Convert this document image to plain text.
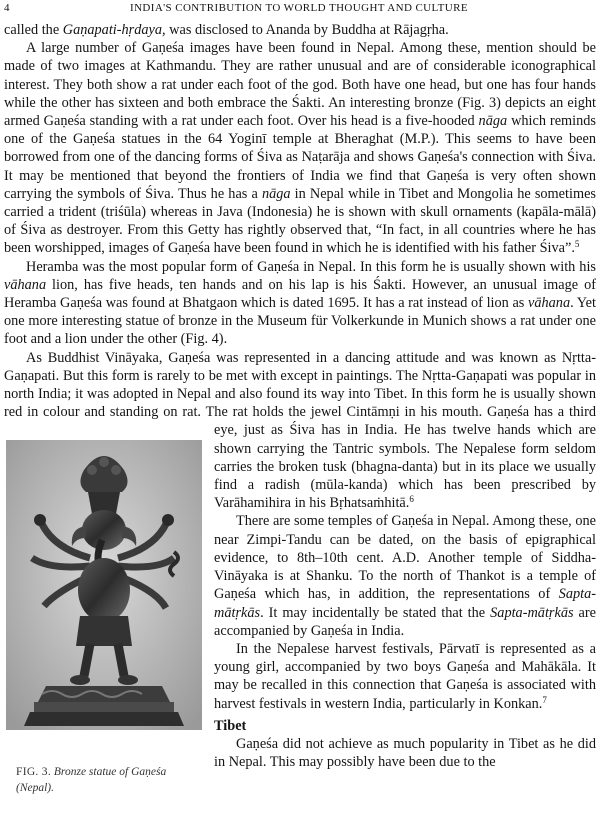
4	INDIA'S CONTRIBUTION TO WORLD THOUGHT AND CULTURE

called the Gaṇapati-hṛdaya, was disclosed to Ananda by Buddha at Rājagṛha.

A large number of Gaṇeśa images have been found in Nepal. Among these, mention should be made of two images at Kathmandu. They are rather unusual and are of considerable iconographical interest. They both show a rat under each foot of the god. Both have one head, but one has four hands while the other has sixteen and both embrace the Śakti. An interesting bronze (Fig. 3) depicts an eight armed Gaṇeśa standing with a rat under each foot. Over his head is a five-hooded nāga which reminds one of the Gaṇeśa statues in the 64 Yoginī temple at Bheraghat (M.P.). This seems to have been borrowed from one of the dancing forms of Śiva as Naṭarāja and shows Gaṇeśa's connection with Śiva. It may be mentioned that beyond the frontiers of India we find that Gaṇeśa is very often shown carrying the symbols of Śiva. Thus he has a nāga in Nepal while in Tibet and Mongolia he sometimes carried a trident (triśūla) whereas in Java (Indonesia) he is shown with skull ornaments (kapāla-mālā) of Śiva as destroyer. From this Getty has rightly observed that, “In fact, in all countries where he has been worshipped, images of Gaṇeśa have been found in which he is identified with his father Śiva”.$^5$

Heramba was the most popular form of Gaṇeśa in Nepal. In this form he is usually shown with his vāhana lion, has five heads, ten hands and on his lap is his Śakti. However, an unusual image of Heramba Gaṇeśa was found at Bhatgaon which is dated 1695. It has a rat instead of lion as vāhana. Yet one more interesting statue of bronze in the Museum für Volkerkunde in Munich shows a rat under one foot and a lion under the other (Fig. 4).

As Buddhist Vināyaka, Gaṇeśa was represented in a dancing attitude and was known as Nṛtta-Gaṇapati. But this form is rarely to be met with except in paintings. The Nṛtta-Gaṇapati was popular in north India; it was adopted in Nepal and also found its way into Tibet. In this form he is usually shown red in colour and standing on rat. The rat holds the jewel Cintāmṇi in his mouth. Gaṇeśa has a third eye, just as Śiva has in India. He has twelve hands which are shown carrying the Tantric symbols. The Nepalese form seldom carries the broken tusk (bhagna-danta) but in its place we usually find a radish (mūla-kanda) which has been prescribed by Varāhamihira in his Bṛhatsaṁhitā.$^6$

There are some temples of Gaṇeśa in Nepal. Among these, one near Zimpi-Tandu can be dated, on the basis of epigraphical evidence, to 8th–10th cent. A.D. Another temple of Siddha-Vināyaka is at Shanku. To the north of Thankot is a temple of Gaṇeśa which has, in addition, the representations of Sapta-mātṛkās. It may incidentally be stated that the Sapta-mātṛkās are accompanied by Gaṇeśa in India.

In the Nepalese harvest festivals, Pārvatī is represented as a young girl, accompanied by two boys Gaṇeśa and Mahākāla. It may be recalled in this connection that Gaṇeśa is associated with harvest festivals in western India, particularly in Konkan.$^7$

Tibet

Gaṇeśa did not achieve as much popularity in Tibet as he did in Nepal. This may possibly have been due to the

FIG. 3. Bronze statue of Gaṇeśa (Nepal).
